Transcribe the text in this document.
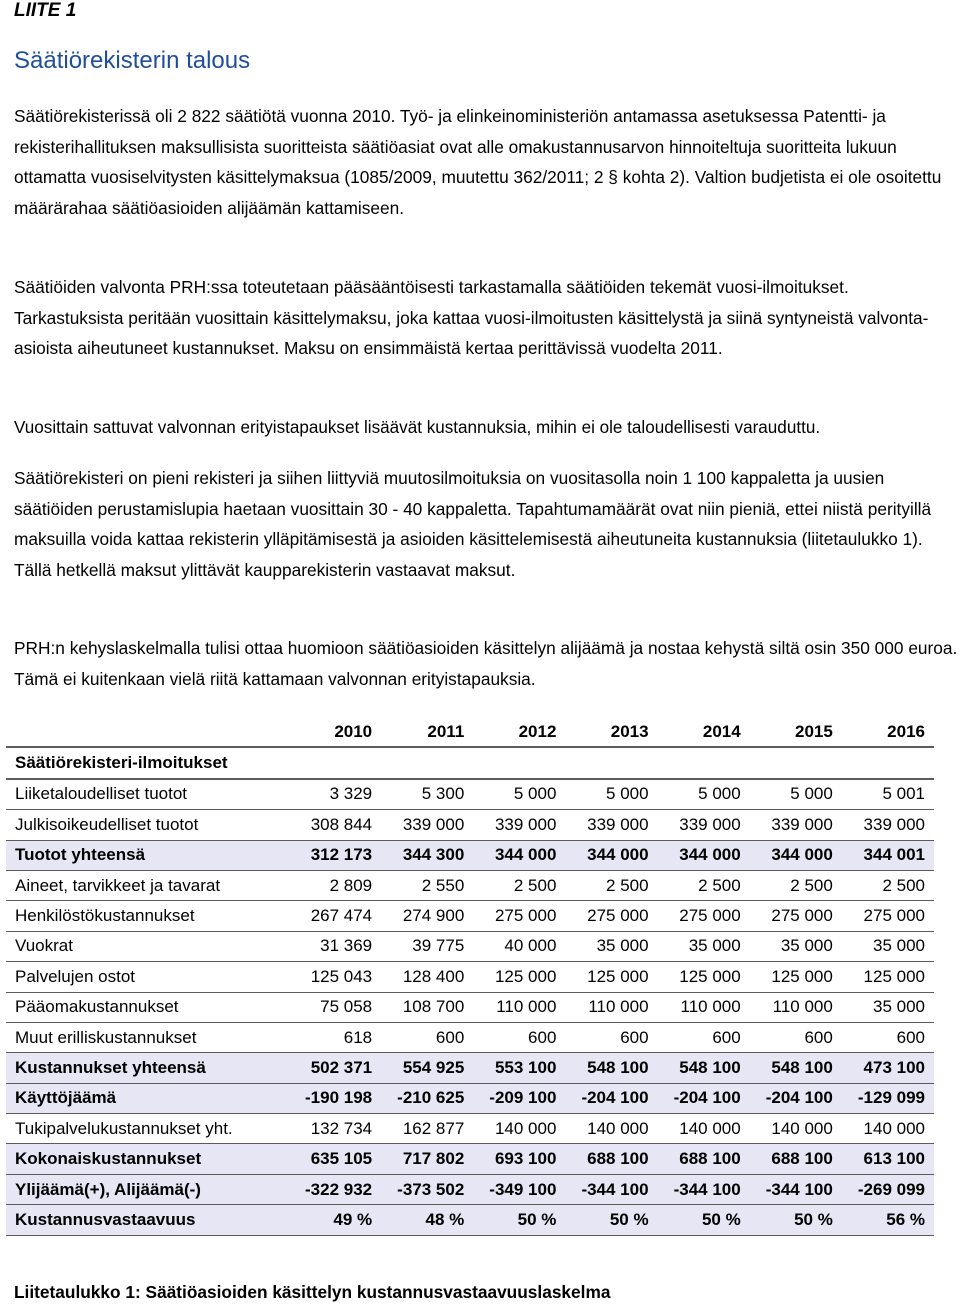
LIITE 1
Säätiörekisterin talous

Säätiörekisterissä oli 2 822 säätiötä vuonna 2010. Työ- ja elinkeinoministeriön antamassa asetuksessa Patentti- ja rekisterihallituksen maksullisista suoritteista säätiöasiat ovat alle omakustannusarvon hinnoiteltuja suoritteita lukuun ottamatta vuosiselvitysten käsittelymaksua (1085/2009, muutettu 362/2011; 2 § kohta 2). Valtion budjetista ei ole osoitettu määrärahaa säätiöasioiden alijäämän kattamiseen.

Säätiöiden valvonta PRH:ssa toteutetaan pääsääntöisesti tarkastamalla säätiöiden tekemät vuosi-ilmoitukset. Tarkastuksista peritään vuosittain käsittelymaksu, joka kattaa vuosi-ilmoitusten käsittelystä ja siinä syntyneistä valvonta-asioista aiheutuneet kustannukset. Maksu on ensimmäistä kertaa perittävissä vuodelta 2011.

Vuosittain sattuvat valvonnan erityistapaukset lisäävät kustannuksia, mihin ei ole taloudellisesti varauduttu.

Säätiörekisteri on pieni rekisteri ja siihen liittyviä muutosilmoituksia on vuositasolla noin 1 100 kappaletta ja uusien säätiöiden perustamislupia haetaan vuosittain 30 - 40 kappaletta. Tapahtumamäärät ovat niin pieniä, ettei niistä perityillä maksuilla voida kattaa rekisterin ylläpitämisestä ja asioiden käsittelemisestä aiheutuneita kustannuksia (liitetaulukko 1). Tällä hetkellä maksut ylittävät kaupparekisterin vastaavat maksut.

PRH:n kehyslaskelmalla tulisi ottaa huomioon säätiöasioiden käsittelyn alijäämä ja nostaa kehystä siltä osin 350 000 euroa. Tämä ei kuitenkaan vielä riitä kattamaan valvonnan erityistapauksia.

	2010	2011	2012	2013	2014	2015	2016
Säätiörekisteri-ilmoitukset							
Liiketaloudelliset tuotot	3 329	5 300	5 000	5 000	5 000	5 000	5 001
Julkisoikeudelliset tuotot	308 844	339 000	339 000	339 000	339 000	339 000	339 000
Tuotot yhteensä	312 173	344 300	344 000	344 000	344 000	344 000	344 001
Aineet, tarvikkeet ja tavarat	2 809	2 550	2 500	2 500	2 500	2 500	2 500
Henkilöstökustannukset	267 474	274 900	275 000	275 000	275 000	275 000	275 000
Vuokrat	31 369	39 775	40 000	35 000	35 000	35 000	35 000
Palvelujen ostot	125 043	128 400	125 000	125 000	125 000	125 000	125 000
Pääomakustannukset	75 058	108 700	110 000	110 000	110 000	110 000	35 000
Muut erilliskustannukset	618	600	600	600	600	600	600
Kustannukset yhteensä	502 371	554 925	553 100	548 100	548 100	548 100	473 100
Käyttöjäämä	-190 198	-210 625	-209 100	-204 100	-204 100	-204 100	-129 099
Tukipalvelukustannukset yht.	132 734	162 877	140 000	140 000	140 000	140 000	140 000
Kokonaiskustannukset	635 105	717 802	693 100	688 100	688 100	688 100	613 100
Ylijäämä(+), Alijäämä(-)	-322 932	-373 502	-349 100	-344 100	-344 100	-344 100	-269 099
Kustannusvastaavuus	49 %	48 %	50 %	50 %	50 %	50 %	56 %
Liitetaulukko 1: Säätiöasioiden käsittelyn kustannusvastaavuuslaskelma
